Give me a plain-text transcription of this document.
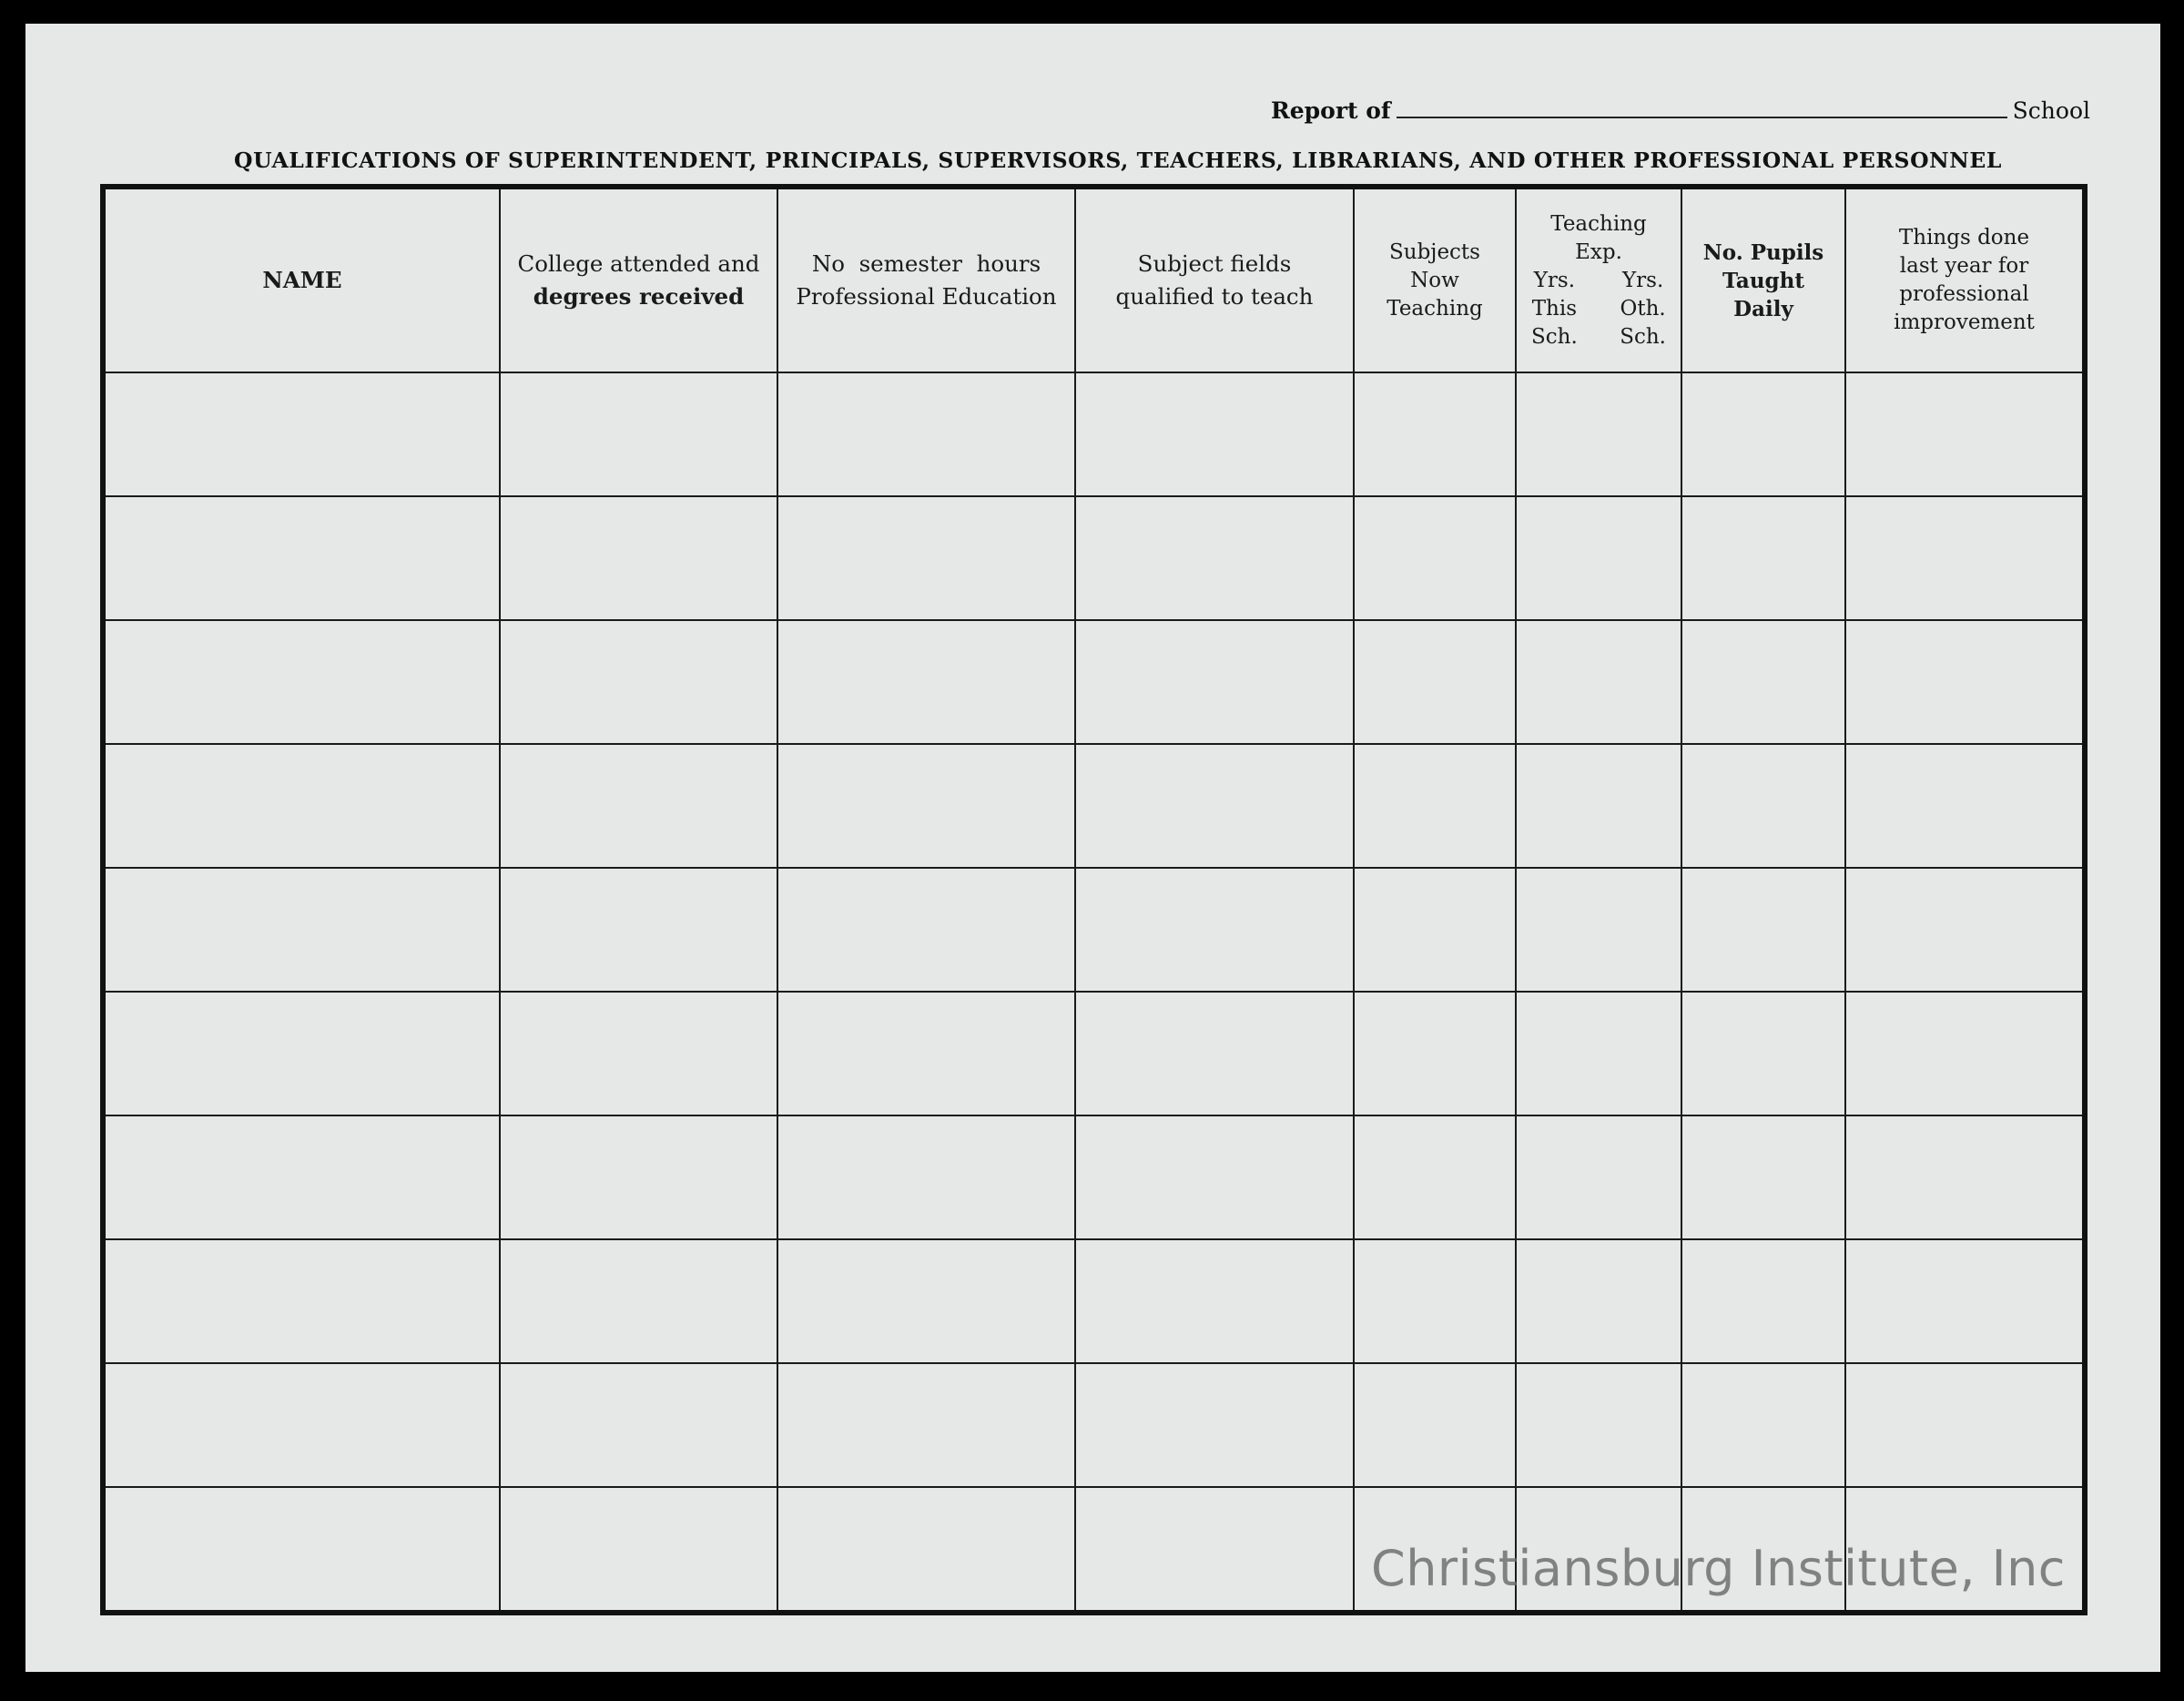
Report of	School
QUALIFICATIONS OF SUPERINTENDENT, PRINCIPALS, SUPERVISORS, TEACHERS, LIBRARIANS, AND OTHER PROFESSIONAL PERSONNEL
NAME
College attended and
degrees received
No  semester  hours
Professional Education
Subject fields
qualified to teach
Subjects
Now
Teaching
Teaching
Exp.
Yrs.
This
Sch.
Yrs.
Oth.
Sch.
No. Pupils
Taught
Daily
Things done
last year for
professional
improvement
Christiansburg Institute, Inc
